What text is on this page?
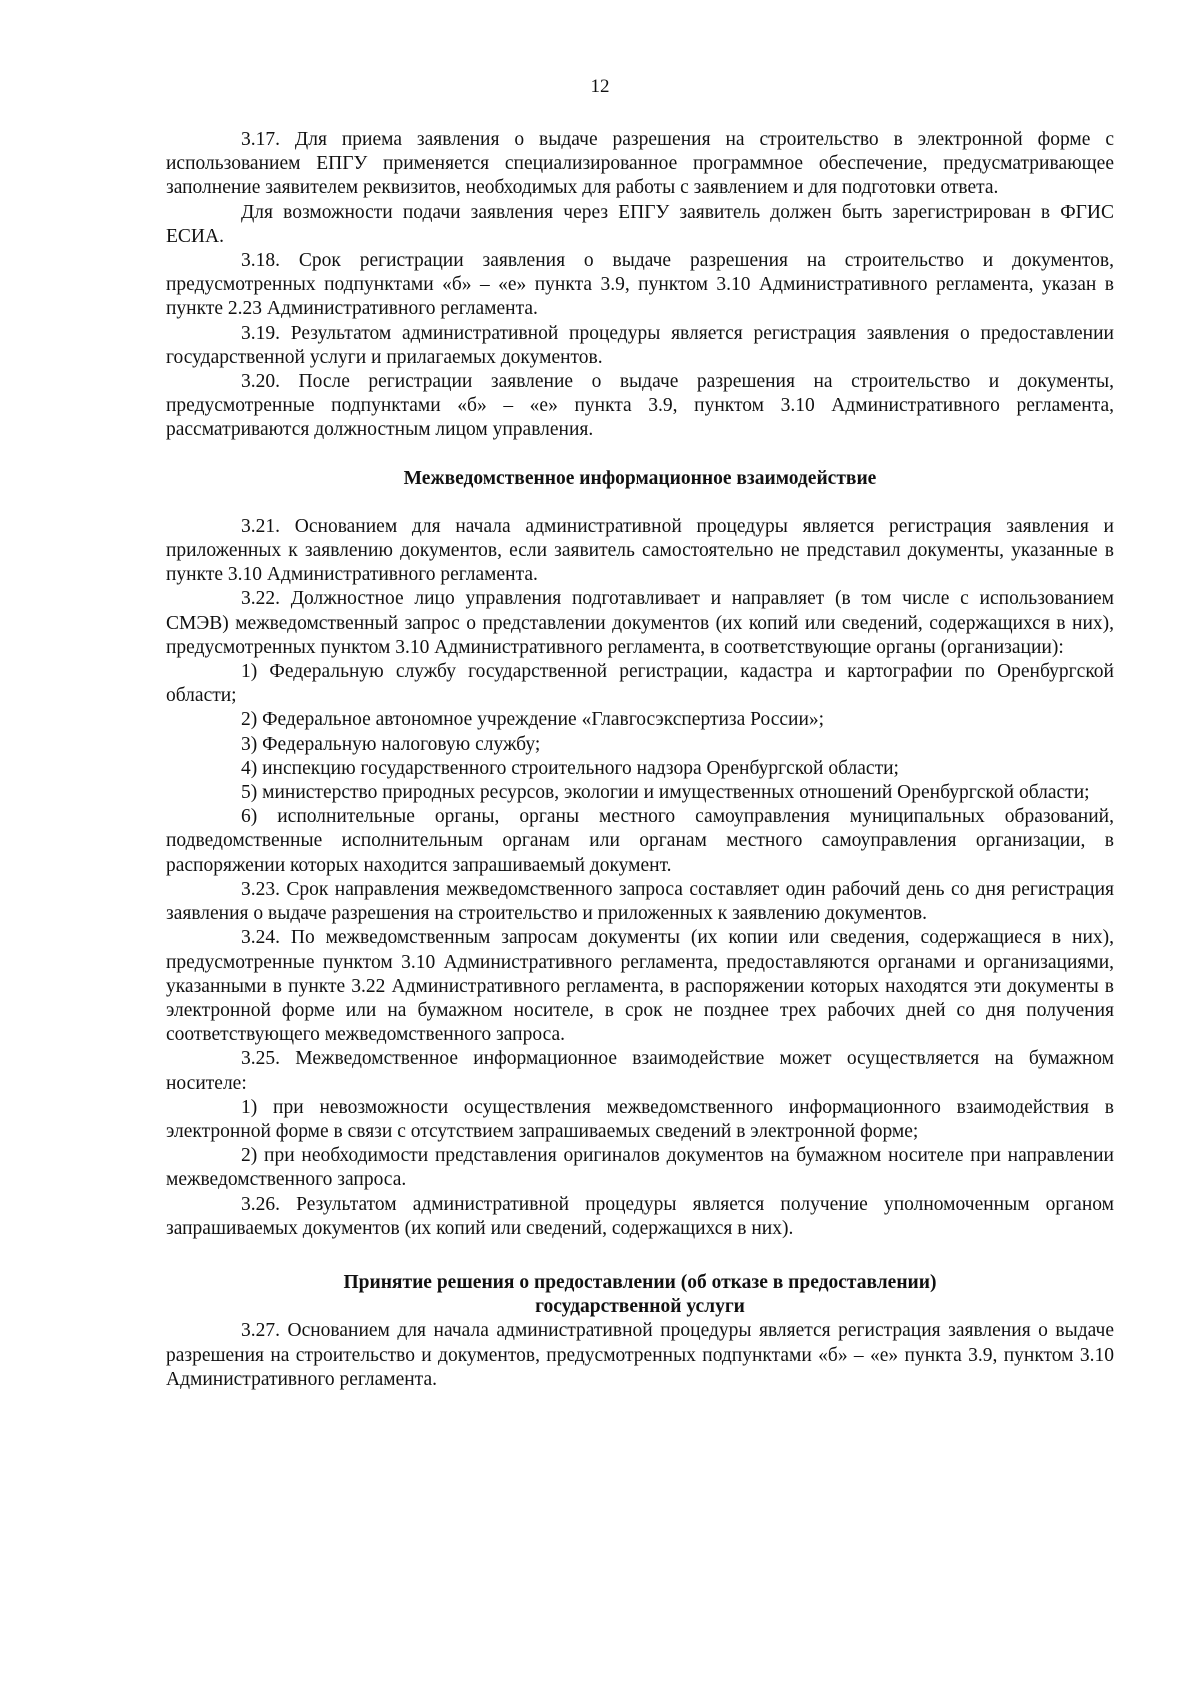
12

3.17. Для приема заявления о выдаче разрешения на строительство в электронной форме с использованием ЕПГУ применяется специализированное программное обеспечение, предусматривающее заполнение заявителем реквизитов, необходимых для работы с заявлением и для подготовки ответа.

Для возможности подачи заявления через ЕПГУ заявитель должен быть зарегистрирован в ФГИС ЕСИА.

3.18. Срок регистрации заявления о выдаче разрешения на строительство и документов, предусмотренных подпунктами «б» – «е» пункта 3.9, пунктом 3.10 Административного регламента, указан в пункте 2.23 Административного регламента.

3.19. Результатом административной процедуры является регистрация заявления о предоставлении государственной услуги и прилагаемых документов.

3.20. После регистрации заявление о выдаче разрешения на строительство и документы, предусмотренные подпунктами «б» – «е» пункта 3.9, пунктом 3.10 Административного регламента, рассматриваются должностным лицом управления.

Межведомственное информационное взаимодействие

3.21. Основанием для начала административной процедуры является регистрация заявления и приложенных к заявлению документов, если заявитель самостоятельно не представил документы, указанные в пункте 3.10 Административного регламента.

3.22. Должностное лицо управления подготавливает и направляет (в том числе с использованием СМЭВ) межведомственный запрос о представлении документов (их копий или сведений, содержащихся в них), предусмотренных пунктом 3.10 Административного регламента, в соответствующие органы (организации):

1) Федеральную службу государственной регистрации, кадастра и картографии по Оренбургской области;

2) Федеральное автономное учреждение «Главгосэкспертиза России»;

3) Федеральную налоговую службу;

4) инспекцию государственного строительного надзора Оренбургской области;

5) министерство природных ресурсов, экологии и имущественных отношений Оренбургской области;

6) исполнительные органы, органы местного самоуправления муниципальных образований, подведомственные исполнительным органам или органам местного самоуправления организации, в распоряжении которых находится запрашиваемый документ.

3.23. Срок направления межведомственного запроса составляет один рабочий день со дня регистрация заявления о выдаче разрешения на строительство и приложенных к заявлению документов.

3.24. По межведомственным запросам документы (их копии или сведения, содержащиеся в них), предусмотренные пунктом 3.10 Административного регламента, предоставляются органами и организациями, указанными в пункте 3.22 Административного регламента, в распоряжении которых находятся эти документы в электронной форме или на бумажном носителе, в срок не позднее трех рабочих дней со дня получения соответствующего межведомственного запроса.

3.25. Межведомственное информационное взаимодействие может осуществляется на бумажном носителе:

1) при невозможности осуществления межведомственного информационного взаимодействия в электронной форме в связи с отсутствием запрашиваемых сведений в электронной форме;

2) при необходимости представления оригиналов документов на бумажном носителе при направлении межведомственного запроса.

3.26. Результатом административной процедуры является получение уполномоченным органом запрашиваемых документов (их копий или сведений, содержащихся в них).

Принятие решения о предоставлении (об отказе в предоставлении)
государственной услуги

3.27. Основанием для начала административной процедуры является регистрация заявления о выдаче разрешения на строительство и документов, предусмотренных подпунктами «б» – «е» пункта 3.9, пунктом 3.10 Административного регламента.
